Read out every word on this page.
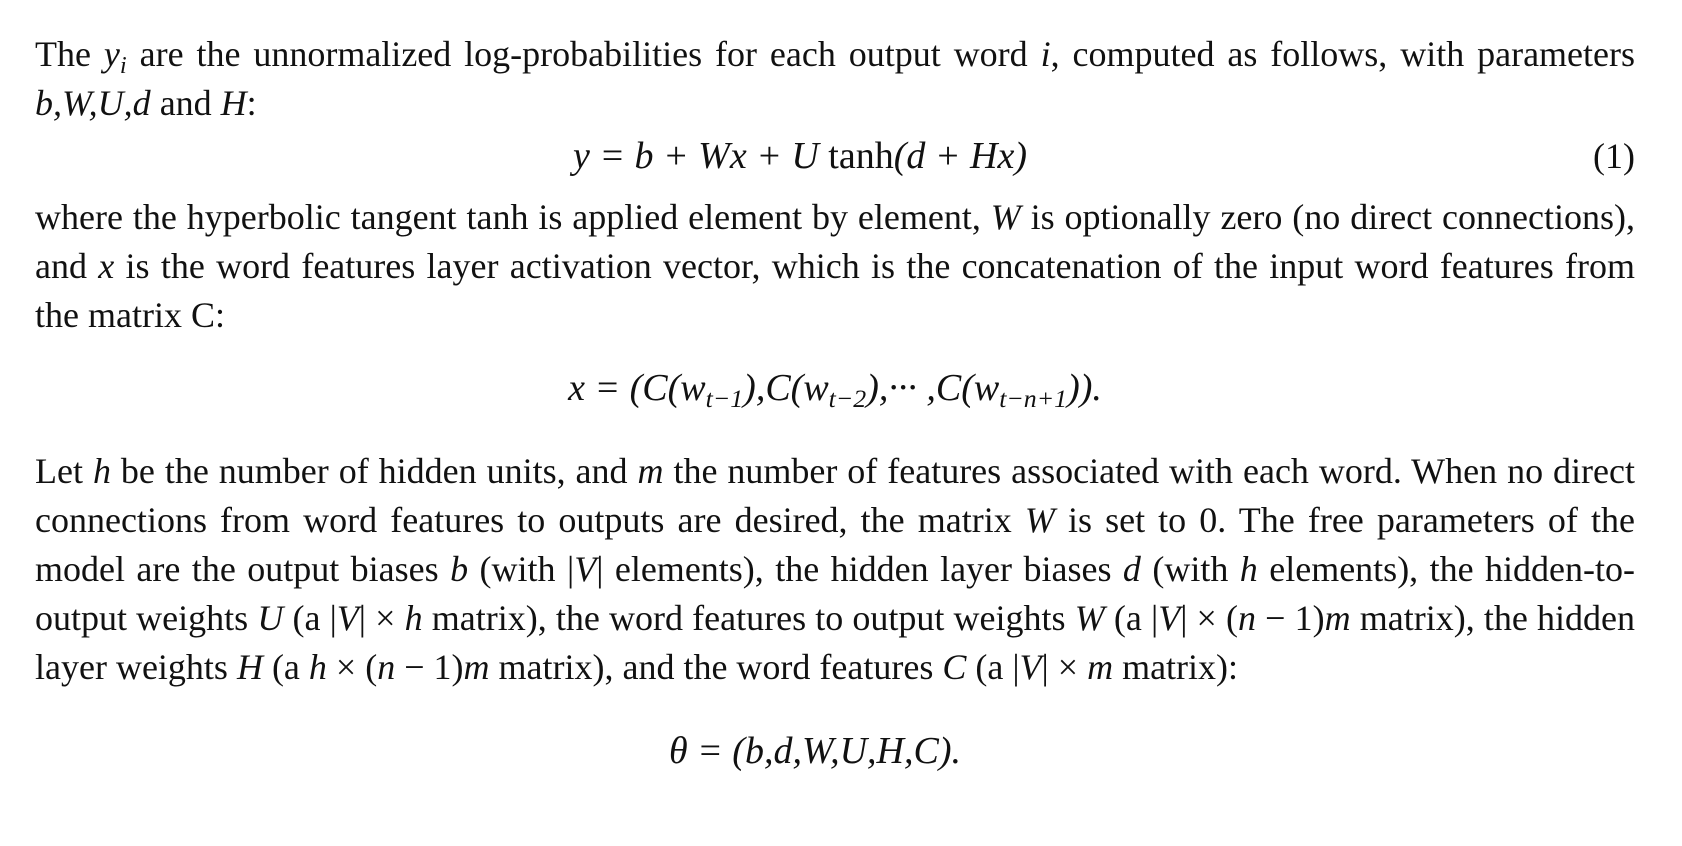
The $y_i$ are the unnormalized log-probabilities for each output word i, computed as follows, with parameters b,W,U,d and H:

y = b + Wx + U tanh(d + Hx)	(1)

where the hyperbolic tangent tanh is applied element by element, W is optionally zero (no direct connections), and x is the word features layer activation vector, which is the concatenation of the input word features from the matrix C:

$x = (C(w_{t-1}),C(w_{t-2}),\cdot\cdot\cdot ,C(w_{t-n+1}))$.

Let h be the number of hidden units, and m the number of features associated with each word. When no direct connections from word features to outputs are desired, the matrix W is set to 0. The free parameters of the model are the output biases b (with |V| elements), the hidden layer biases d (with h elements), the hidden-to-output weights U (a |V| × h matrix), the word features to output weights W (a |V| × (n − 1)m matrix), the hidden layer weights H (a h × (n − 1)m matrix), and the word features C (a |V| × m matrix):

θ = (b,d,W,U,H,C).
